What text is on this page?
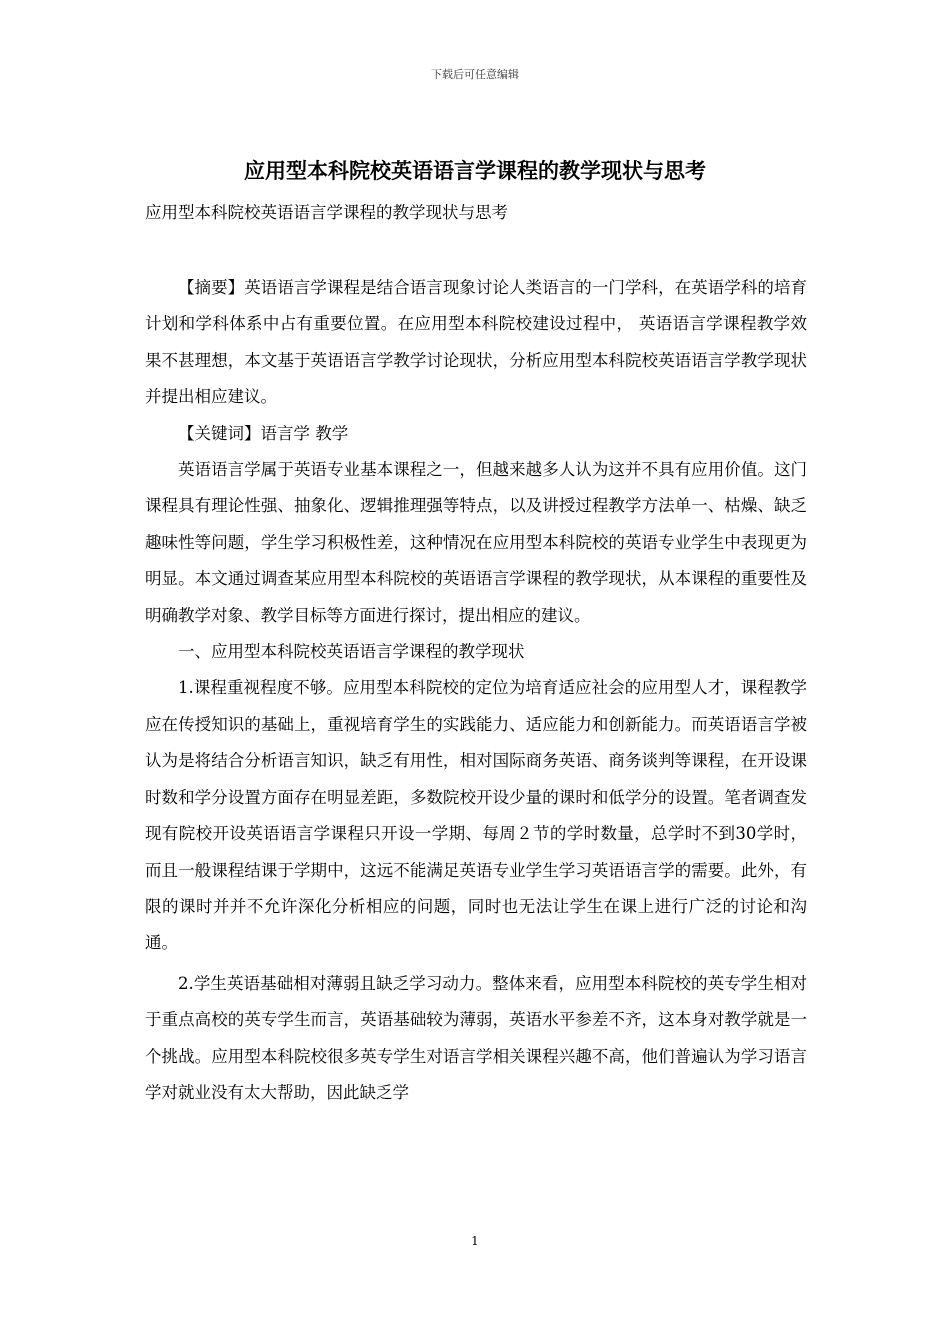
下载后可任意编辑
应用型本科院校英语语言学课程的教学现状与思考
应用型本科院校英语语言学课程的教学现状与思考

【摘要】英语语言学课程是结合语言现象讨论人类语言的一门学科，在英语学科的培育计划和学科体系中占有重要位置。在应用型本科院校建设过程中， 英语语言学课程教学效果不甚理想，本文基于英语语言学教学讨论现状，分析应用型本科院校英语语言学教学现状并提出相应建议。

【关键词】语言学 教学

英语语言学属于英语专业基本课程之一，但越来越多人认为这并不具有应用价值。这门课程具有理论性强、抽象化、逻辑推理强等特点，以及讲授过程教学方法单一、枯燥、缺乏趣味性等问题，学生学习积极性差，这种情况在应用型本科院校的英语专业学生中表现更为明显。本文通过调查某应用型本科院校的英语语言学课程的教学现状，从本课程的重要性及明确教学对象、教学目标等方面进行探讨，提出相应的建议。

一、应用型本科院校英语语言学课程的教学现状

1.课程重视程度不够。应用型本科院校的定位为培育适应社会的应用型人才，课程教学应在传授知识的基础上，重视培育学生的实践能力、适应能力和创新能力。而英语语言学被认为是将结合分析语言知识，缺乏有用性，相对国际商务英语、商务谈判等课程，在开设课时数和学分设置方面存在明显差距，多数院校开设少量的课时和低学分的设置。笔者调查发现有院校开设英语语言学课程只开设一学期、每周２节的学时数量，总学时不到30学时，而且一般课程结课于学期中，这远不能满足英语专业学生学习英语语言学的需要。此外，有限的课时并并不允许深化分析相应的问题，同时也无法让学生在课上进行广泛的讨论和沟通。

2.学生英语基础相对薄弱且缺乏学习动力。整体来看，应用型本科院校的英专学生相对于重点高校的英专学生而言，英语基础较为薄弱，英语水平参差不齐，这本身对教学就是一个挑战。应用型本科院校很多英专学生对语言学相关课程兴趣不高，他们普遍认为学习语言学对就业没有太大帮助，因此缺乏学

1
